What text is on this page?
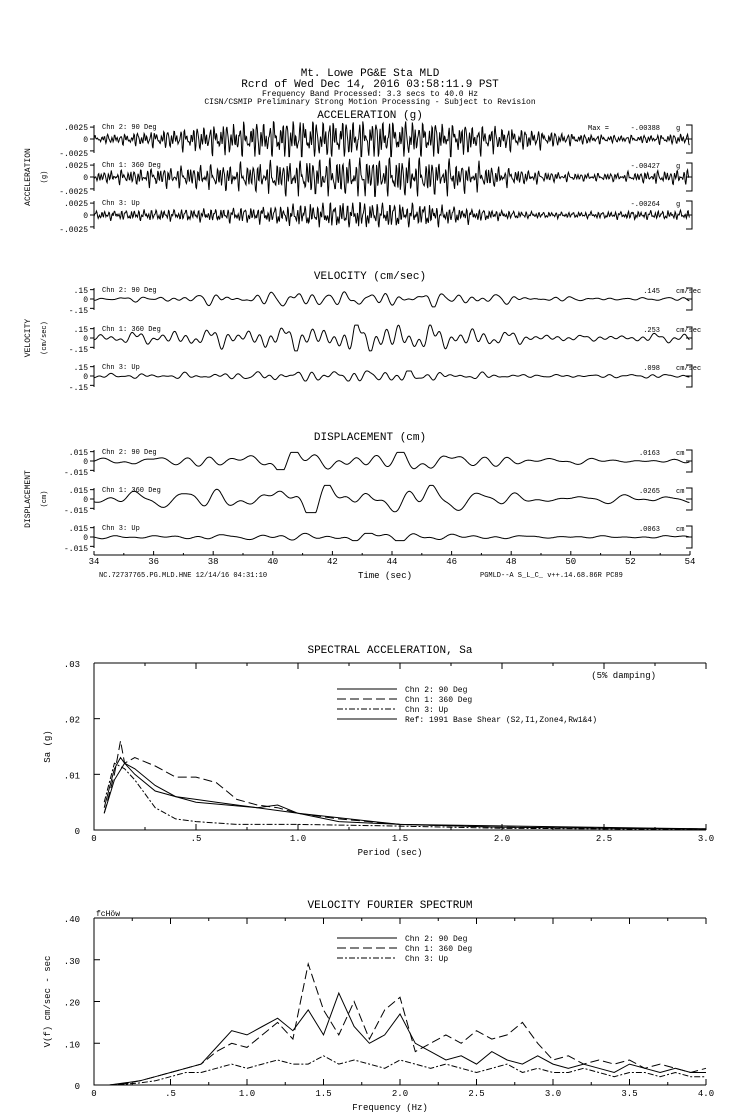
Mt. Lowe PG&E Sta MLD
Rcrd of Wed Dec 14, 2016 03:58:11.9 PST
Frequency Band Processed: 3.3 secs to 40.0 Hz
CISN/CSMIP Preliminary Strong Motion Processing - Subject to Revision
ACCELERATION (g)
ACCELERATION (g)
.0025
0
-.0025
Chn 2: 90 Deg	Max =	-.00388 g
.0025
0
-.0025
Chn 1: 360 Deg	-.00427 g
.0025
0
-.0025
Chn 3: Up	-.00264 g
VELOCITY (cm/sec)
VELOCITY (cm/sec)
.15
0
-.15
Chn 2: 90 Deg	.145 cm/sec
.15
0
-.15
Chn 1: 360 Deg	.253 cm/sec
.15
0
-.15
Chn 3: Up	.098 cm/sec
DISPLACEMENT (cm)
DISPLACEMENT (cm)
.015
0
-.015
Chn 2: 90 Deg	.0163 cm
.015
0
-.015
Chn 1: 360 Deg	.0265 cm
.015
0
-.015
Chn 3: Up	.0063 cm
34	36	38	40	42	44	46	48	50	52	54
NC.72737765.PG.MLD.HNE 12/14/16 04:31:10	Time (sec)	PGMLD--A S_L_C_ v++.14.68.86R PC89
SPECTRAL ACCELERATION, Sa
0	.5	1.0	1.5	2.0	2.5	3.0
0
.01
.02
.03
Period (sec)
Sa (g)
(5% damping)
Chn 2: 90 Deg
Chn 1: 360 Deg
Chn 3: Up
Ref: 1991 Base Shear (S2,I1,Zone4,Rw1&4)
VELOCITY FOURIER SPECTRUM
0	.5	1.0	1.5	2.0	2.5	3.0	3.5	4.0
0
.10
.20
.30
.40
Frequency (Hz)
V(f) cm/sec - sec
fcHöw
Chn 2: 90 Deg
Chn 1: 360 Deg
Chn 3: Up
